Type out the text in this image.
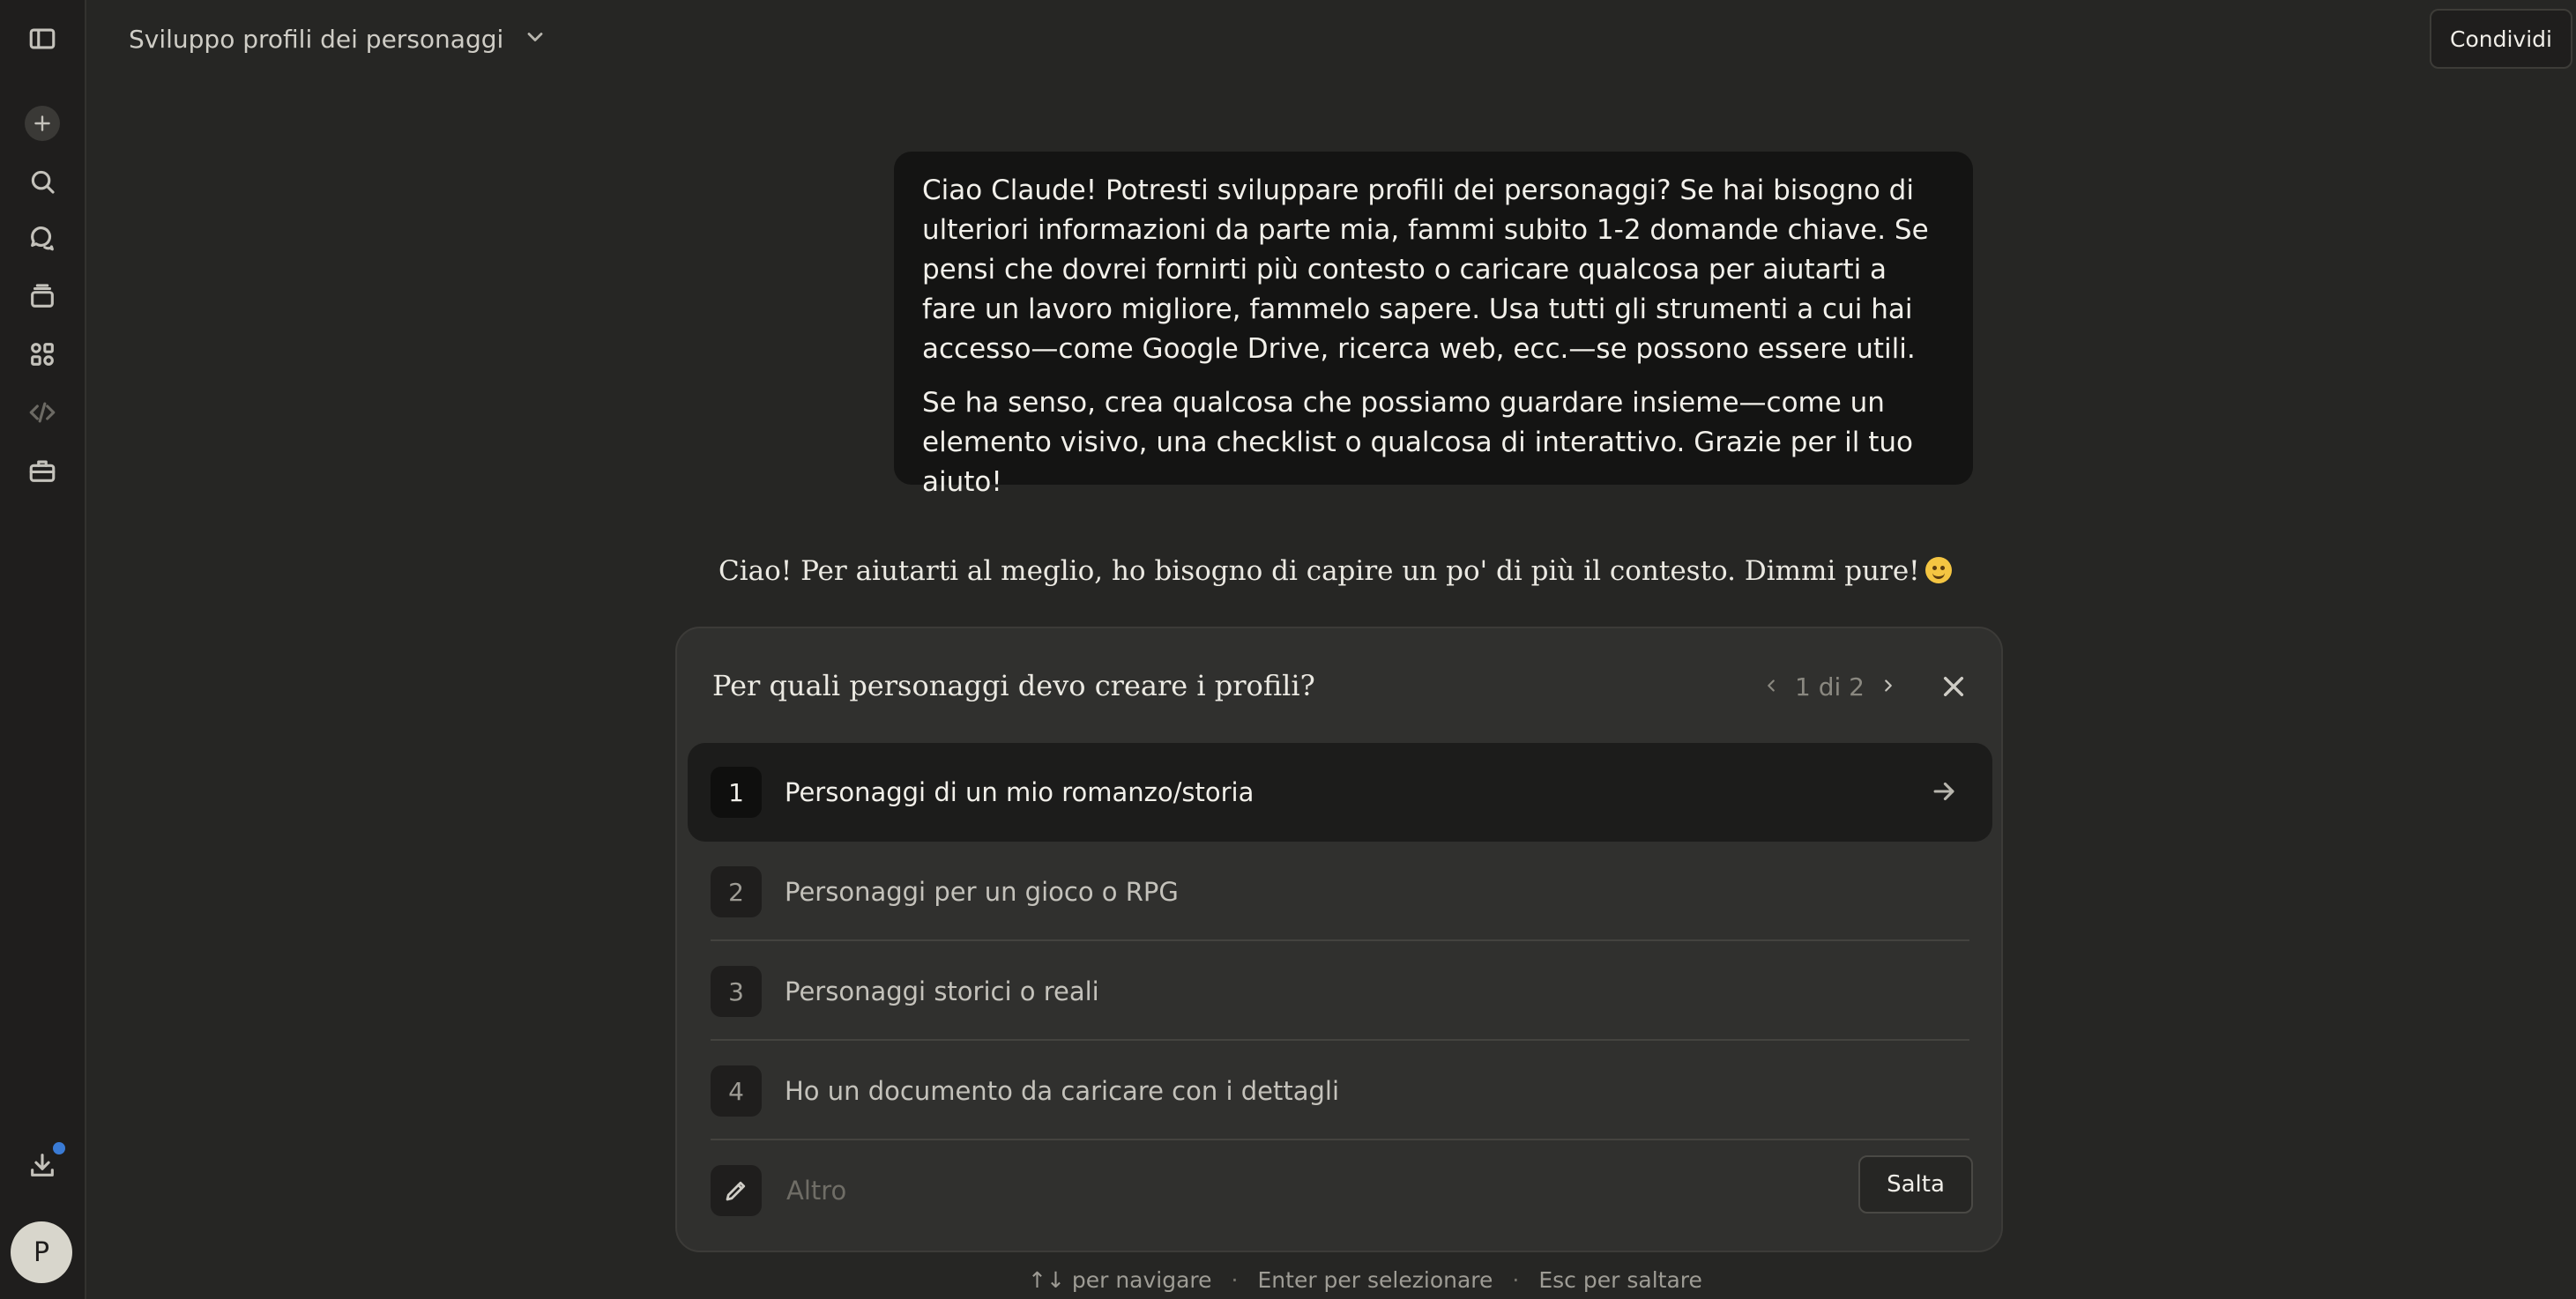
P
Sviluppo profili dei personaggi	Condividi

Ciao Claude! Potresti sviluppare profili dei personaggi? Se hai bisogno di ulteriori informazioni da parte mia, fammi subito 1-2 domande chiave. Se pensi che dovrei fornirti più contesto o caricare qualcosa per aiutarti a fare un lavoro migliore, fammelo sapere. Usa tutti gli strumenti a cui hai accesso—come Google Drive, ricerca web, ecc.—se possono essere utili.

Se ha senso, crea qualcosa che possiamo guardare insieme—come un elemento visivo, una checklist o qualcosa di interattivo. Grazie per il tuo aiuto!

Ciao! Per aiutarti al meglio, ho bisogno di capire un po' di più il contesto. Dimmi pure!
Per quali personaggi devo creare i profili?	1 di 2
1	Personaggi di un mio romanzo/storia
2	Personaggi per un gioco o RPG
3	Personaggi storici o reali
4	Ho un documento da caricare con i dettagli
Altro
Salta
↑↓ per navigare · Enter per selezionare · Esc per saltare
